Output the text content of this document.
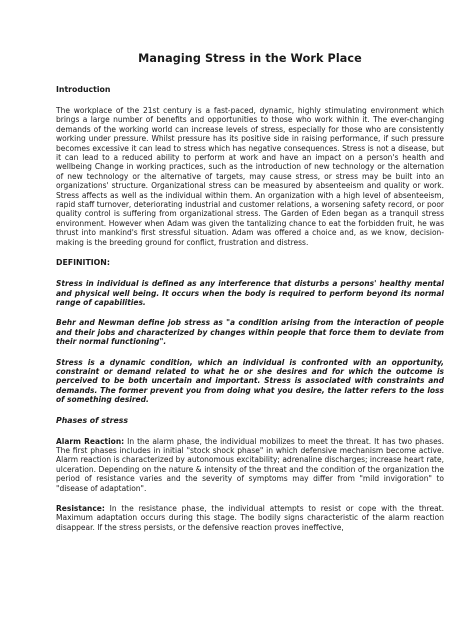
Managing Stress in the Work Place
Introduction

The workplace of the 21st century is a fast-paced, dynamic, highly stimulating environment which brings a large number of benefits and opportunities to those who work within it. The ever-changing demands of the working world can increase levels of stress, especially for those who are consistently working under pressure. Whilst pressure has its positive side in raising performance, if such pressure becomes excessive it can lead to stress which has negative consequences. Stress is not a disease, but it can lead to a reduced ability to perform at work and have an impact on a person's health and wellbeing Change in working practices, such as the introduction of new technology or the alternation of new technology or the alternative of targets, may cause stress, or stress may be built into an organizations' structure. Organizational stress can be measured by absenteeism and quality or work. Stress affects as well as the individual within them. An organization with a high level of absenteeism, rapid staff turnover, deteriorating industrial and customer relations, a worsening safety record, or poor quality control is suffering from organizational stress. The Garden of Eden began as a tranquil stress environment. However when Adam was given the tantalizing chance to eat the forbidden fruit, he was thrust into mankind's first stressful situation. Adam was offered a choice and, as we know, decision-making is the breeding ground for conflict, frustration and distress.

DEFINITION:

Stress in individual is defined as any interference that disturbs a persons' healthy mental and physical well being. It occurs when the body is required to perform beyond its normal range of capabilities.

Behr and Newman define job stress as "a condition arising from the interaction of people and their jobs and characterized by changes within people that force them to deviate from their normal functioning".

Stress is a dynamic condition, which an individual is confronted with an opportunity, constraint or demand related to what he or she desires and for which the outcome is perceived to be both uncertain and important. Stress is associated with constraints and demands. The former prevent you from doing what you desire, the latter refers to the loss of something desired.

Phases of stress

Alarm Reaction: In the alarm phase, the individual mobilizes to meet the threat. It has two phases. The first phases includes in initial "stock shock phase" in which defensive mechanism become active. Alarm reaction is characterized by autonomous excitability; adrenaline discharges; increase heart rate, ulceration. Depending on the nature & intensity of the threat and the condition of the organization the period of resistance varies and the severity of symptoms may differ from "mild invigoration" to "disease of adaptation".

Resistance: In the resistance phase, the individual attempts to resist or cope with the threat. Maximum adaptation occurs during this stage. The bodily signs characteristic of the alarm reaction disappear. If the stress persists, or the defensive reaction proves ineffective,
